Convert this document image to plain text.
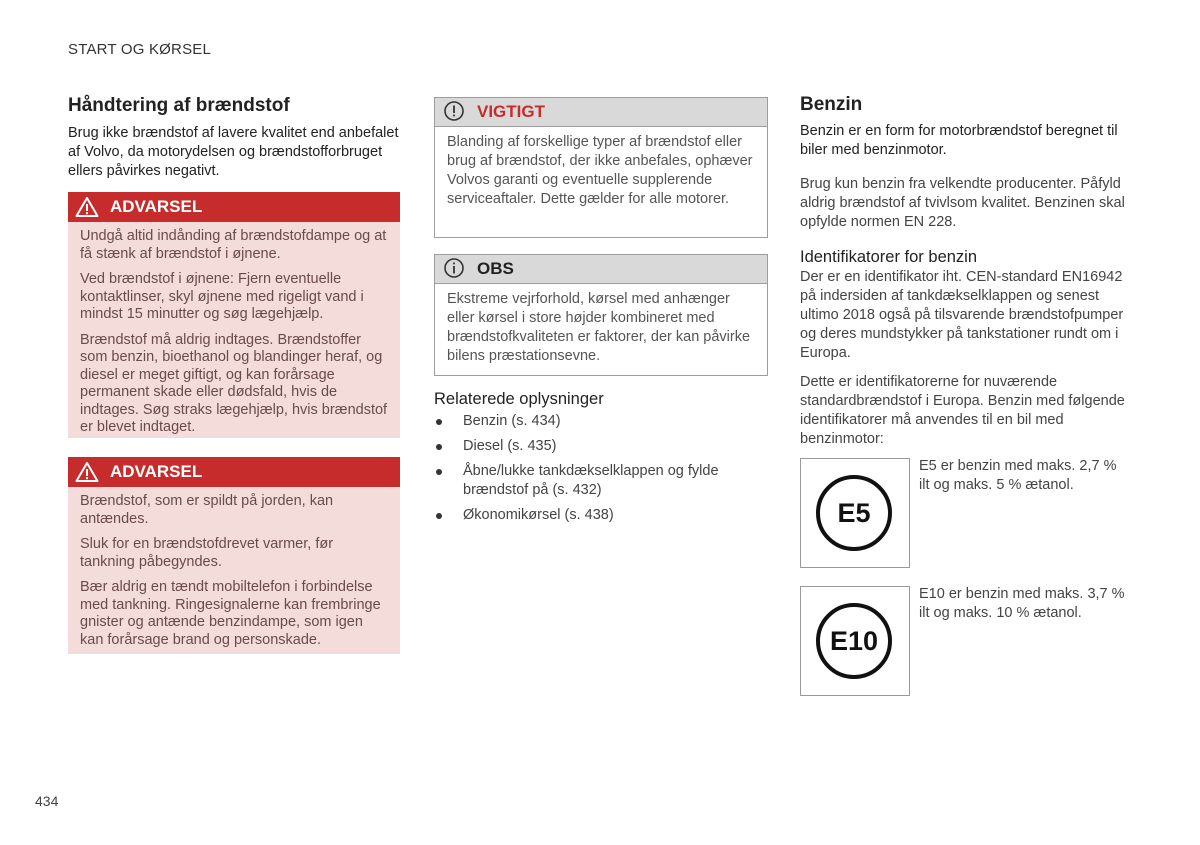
START OG KØRSEL
Håndtering af brændstof

Brug ikke brændstof af lavere kvalitet end anbefalet af Volvo, da motorydelsen og brændstofforbruget ellers påvirkes negativt.

ADVARSEL

Undgå altid indånding af brændstofdampe og at få stænk af brændstof i øjnene.

Ved brændstof i øjnene: Fjern eventuelle kontaktlinser, skyl øjnene med rigeligt vand i mindst 15 minutter og søg lægehjælp.

Brændstof må aldrig indtages. Brændstoffer som benzin, bioethanol og blandinger heraf, og diesel er meget giftigt, og kan forårsage permanent skade eller dødsfald, hvis de indtages. Søg straks lægehjælp, hvis brændstof er blevet indtaget.

ADVARSEL

Brændstof, som er spildt på jorden, kan antændes.

Sluk for en brændstofdrevet varmer, før tankning påbegyndes.

Bær aldrig en tændt mobiltelefon i forbindelse med tankning. Ringesignalerne kan frembringe gnister og antænde benzindampe, som igen kan forårsage brand og personskade.

VIGTIGT

Blanding af forskellige typer af brændstof eller brug af brændstof, der ikke anbefales, ophæver Volvos garanti og eventuelle supplerende serviceaftaler. Dette gælder for alle motorer.

OBS

Ekstreme vejrforhold, kørsel med anhænger eller kørsel i store højder kombineret med brændstofkvaliteten er faktorer, der kan påvirke bilens præstationsevne.

Relaterede oplysninger
Benzin (s. 434)
Diesel (s. 435)
Åbne/lukke tankdækselklappen og fylde brændstof på (s. 432)
Økonomikørsel (s. 438)
Benzin

Benzin er en form for motorbrændstof beregnet til biler med benzinmotor.

Brug kun benzin fra velkendte producenter. Påfyld aldrig brændstof af tvivlsom kvalitet. Benzinen skal opfylde normen EN 228.

Identifikatorer for benzin

Der er en identifikator iht. CEN-standard EN16942 på indersiden af tankdækselklappen og senest ultimo 2018 også på tilsvarende brændstofpumper og deres mundstykker på tankstationer rundt om i Europa.

Dette er identifikatorerne for nuværende standardbrændstof i Europa. Benzin med følgende identifikatorer må anvendes til en bil med benzinmotor:

E5

E5 er benzin med maks. 2,7 % ilt og maks. 5 % ætanol.

E10

E10 er benzin med maks. 3,7 % ilt og maks. 10 % ætanol.

434
